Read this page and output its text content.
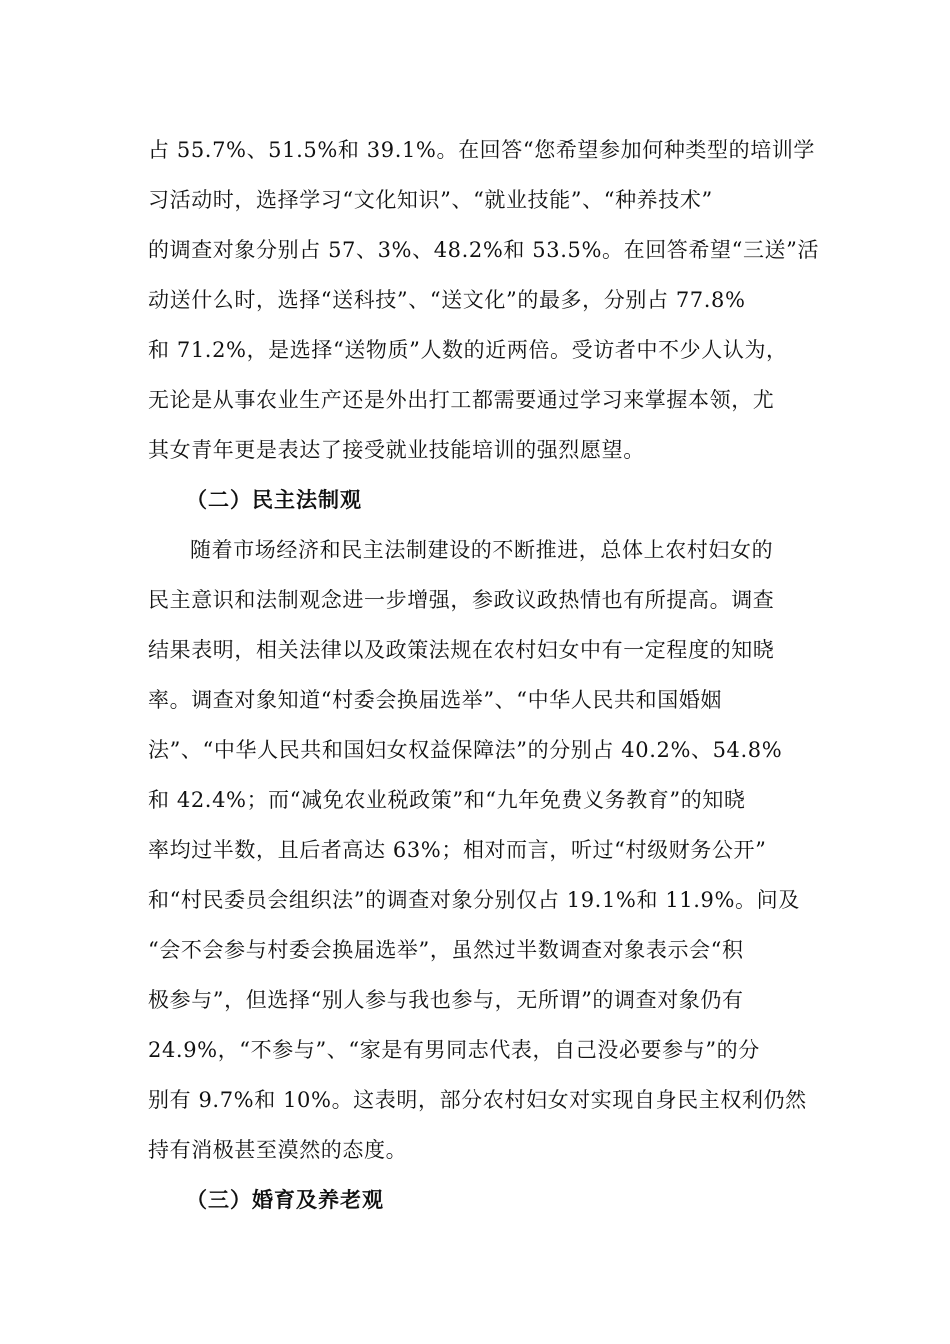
占 55.7%、51.5%和 39.1%。在回答“您希望参加何种类型的培训学
习活动时，选择学习“文化知识”、“就业技能”、“种养技术”
的调查对象分别占 57、3%、48.2%和 53.5%。在回答希望“三送”活
动送什么时，选择“送科技”、“送文化”的最多，分别占 77.8%
和 71.2%，是选择“送物质”人数的近两倍。受访者中不少人认为，
无论是从事农业生产还是外出打工都需要通过学习来掌握本领，尤
其女青年更是表达了接受就业技能培训的强烈愿望。
（二）民主法制观
随着市场经济和民主法制建设的不断推进，总体上农村妇女的
民主意识和法制观念进一步增强，参政议政热情也有所提高。调查
结果表明，相关法律以及政策法规在农村妇女中有一定程度的知晓
率。调查对象知道“村委会换届选举”、“中华人民共和国婚姻
法”、“中华人民共和国妇女权益保障法”的分别占 40.2%、54.8%
和 42.4%；而“减免农业税政策”和“九年免费义务教育”的知晓
率均过半数，且后者高达 63%；相对而言，听过“村级财务公开”
和“村民委员会组织法”的调查对象分别仅占 19.1%和 11.9%。问及
“会不会参与村委会换届选举”，虽然过半数调查对象表示会“积
极参与”，但选择“别人参与我也参与，无所谓”的调查对象仍有
24.9%，“不参与”、“家是有男同志代表，自己没必要参与”的分
别有 9.7%和 10%。这表明，部分农村妇女对实现自身民主权利仍然
持有消极甚至漠然的态度。
（三）婚育及养老观
